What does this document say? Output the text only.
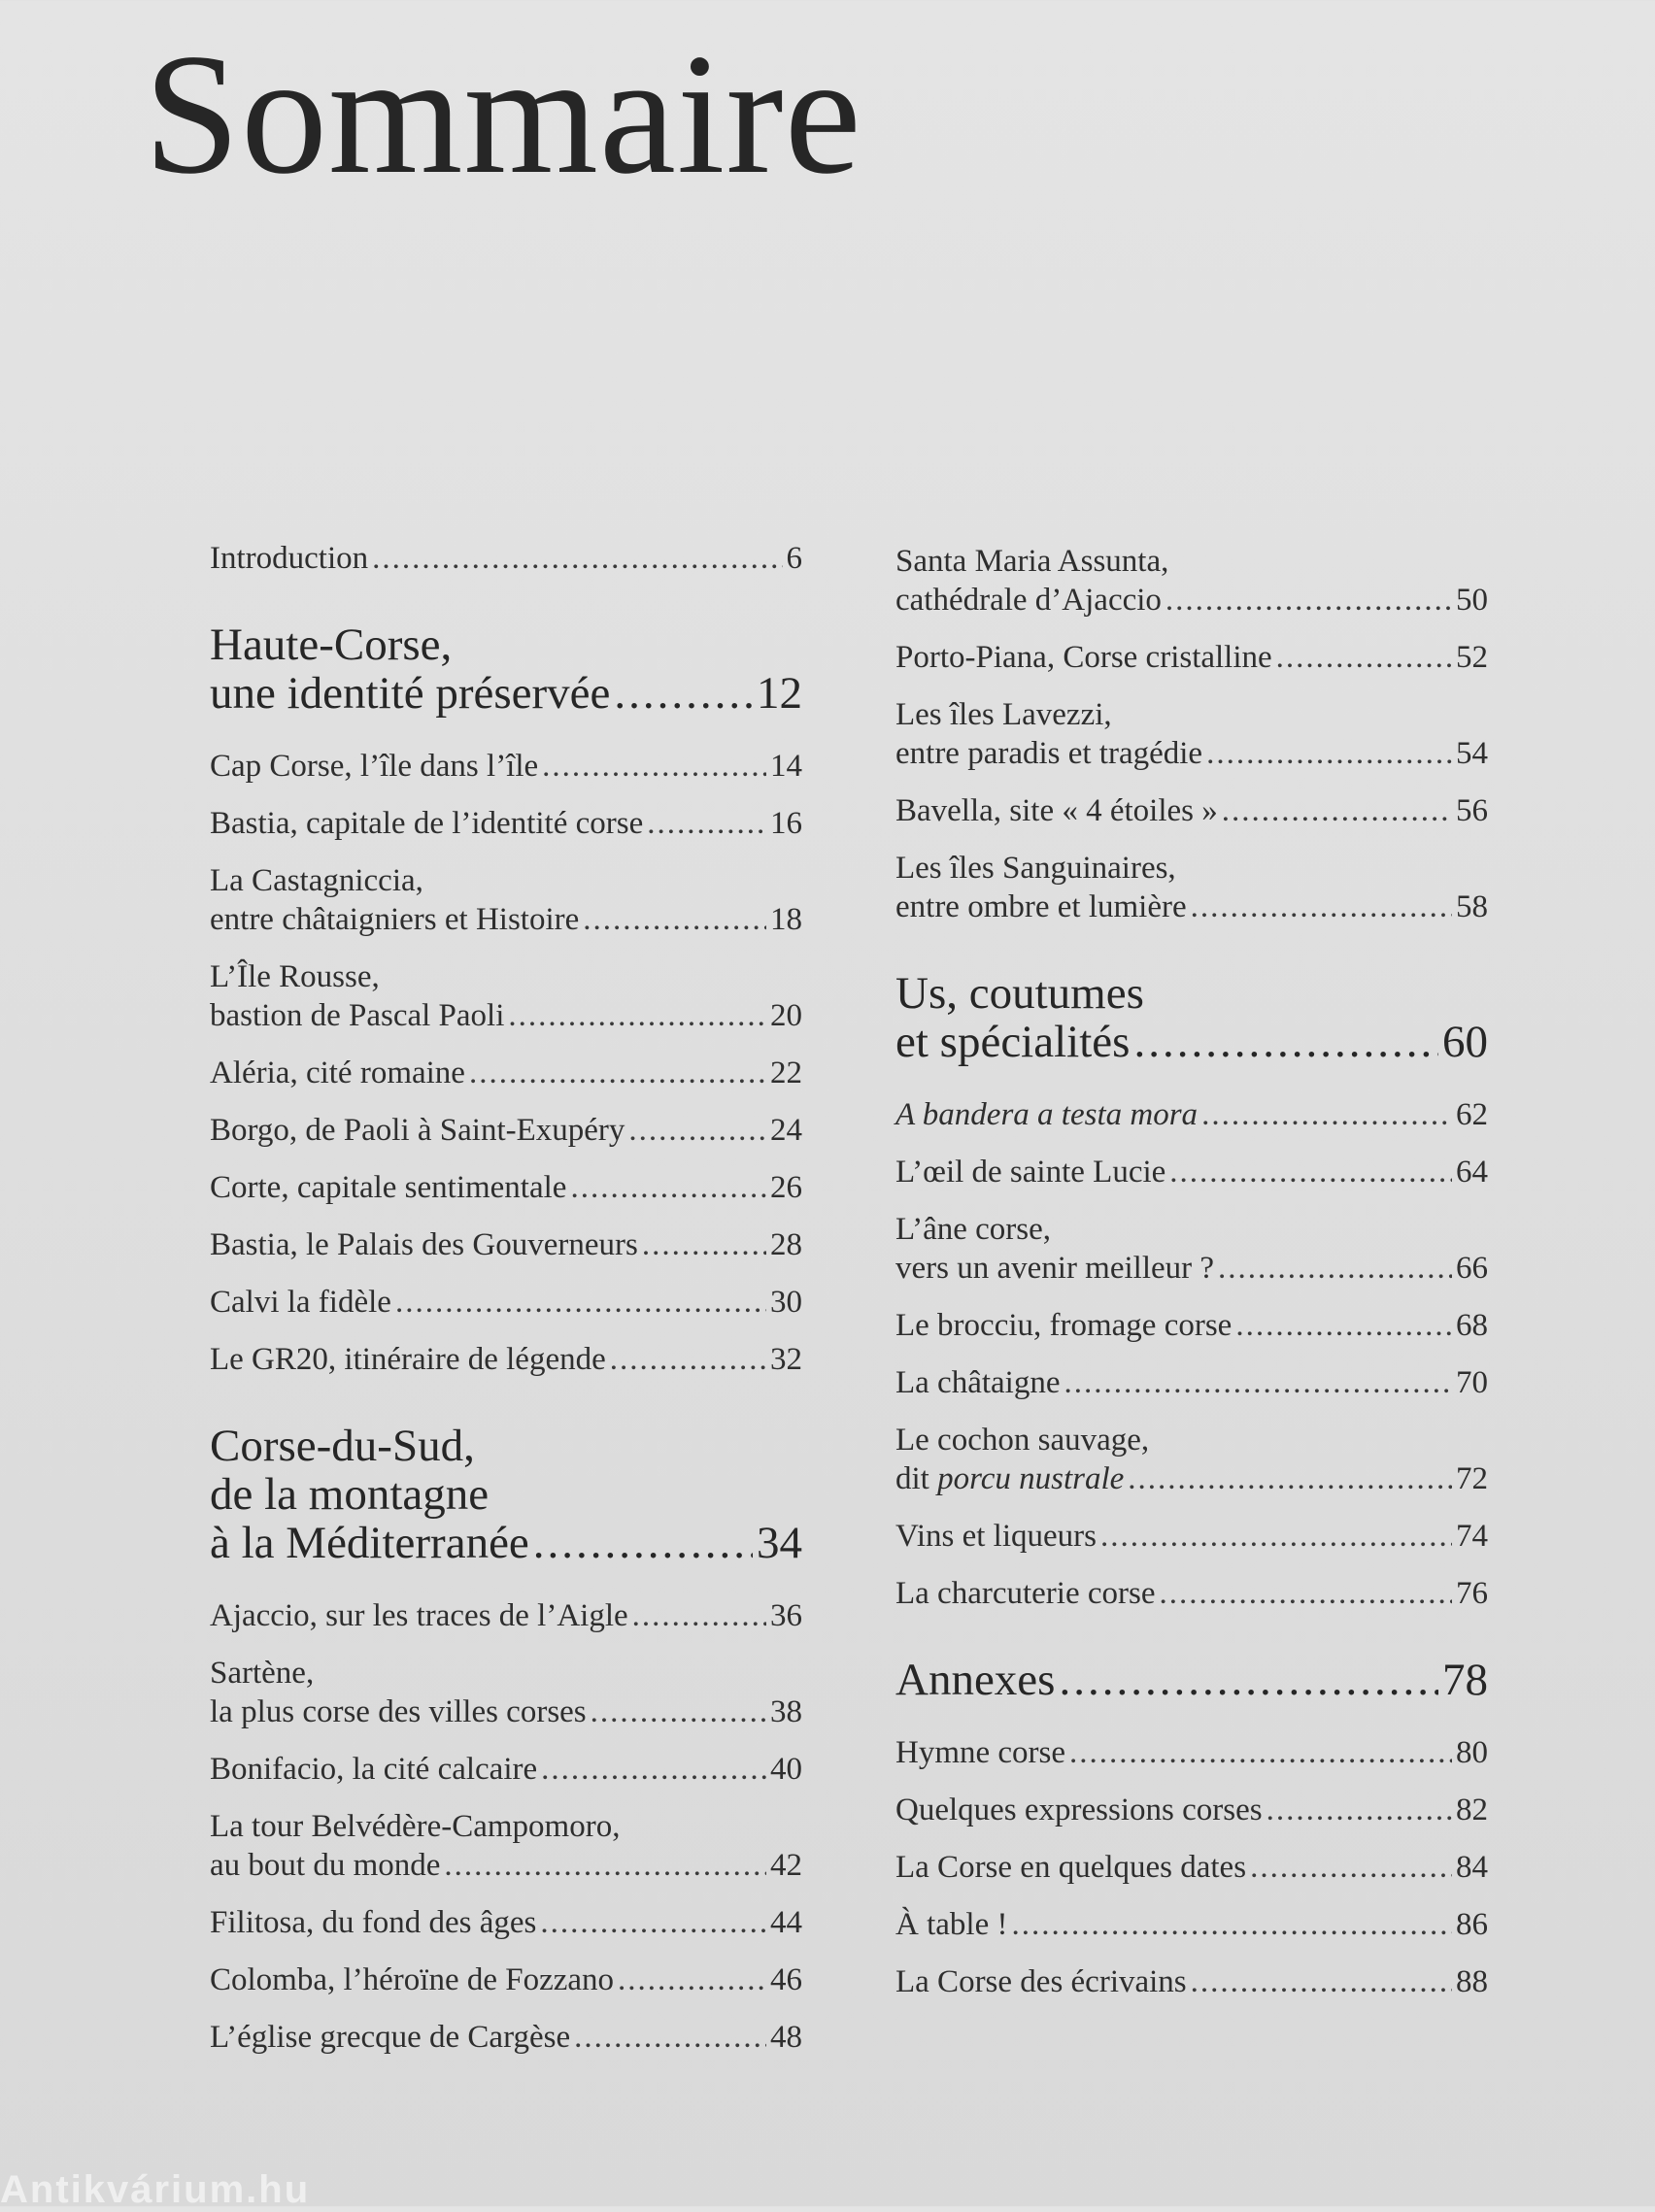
Sommaire
Introduction .....	6
Haute-Corse,
une identité préservée .....	12
Cap Corse, l’île dans l’île .....	14
Bastia, capitale de l’identité corse .....	16
La Castagniccia,
entre châtaigniers et Histoire .....	18
L’Île Rousse,
bastion de Pascal Paoli .....	20
Aléria, cité romaine .....	22
Borgo, de Paoli à Saint-Exupéry .....	24
Corte, capitale sentimentale .....	26
Bastia, le Palais des Gouverneurs .....	28
Calvi la fidèle .....	30
Le GR20, itinéraire de légende .....	32
Corse-du-Sud,
de la montagne
à la Méditerranée .....	34
Ajaccio, sur les traces de l’Aigle .....	36
Sartène,
la plus corse des villes corses .....	38
Bonifacio, la cité calcaire .....	40
La tour Belvédère-Campomoro,
au bout du monde .....	42
Filitosa, du fond des âges .....	44
Colomba, l’héroïne de Fozzano .....	46
L’église grecque de Cargèse .....	48
Santa Maria Assunta,
cathédrale d’Ajaccio .....	50
Porto-Piana, Corse cristalline .....	52
Les îles Lavezzi,
entre paradis et tragédie .....	54
Bavella, site « 4 étoiles » .....	56
Les îles Sanguinaires,
entre ombre et lumière .....	58
Us, coutumes
et spécialités .....	60
A bandera a testa mora .....	62
L’œil de sainte Lucie .....	64
L’âne corse,
vers un avenir meilleur ? .....	66
Le brocciu, fromage corse .....	68
La châtaigne .....	70
Le cochon sauvage,
dit porcu nustrale .....	72
Vins et liqueurs .....	74
La charcuterie corse .....	76
Annexes .....	78
Hymne corse .....	80
Quelques expressions corses .....	82
La Corse en quelques dates .....	84
À table ! .....	86
La Corse des écrivains .....	88
Antikvárium.hu
